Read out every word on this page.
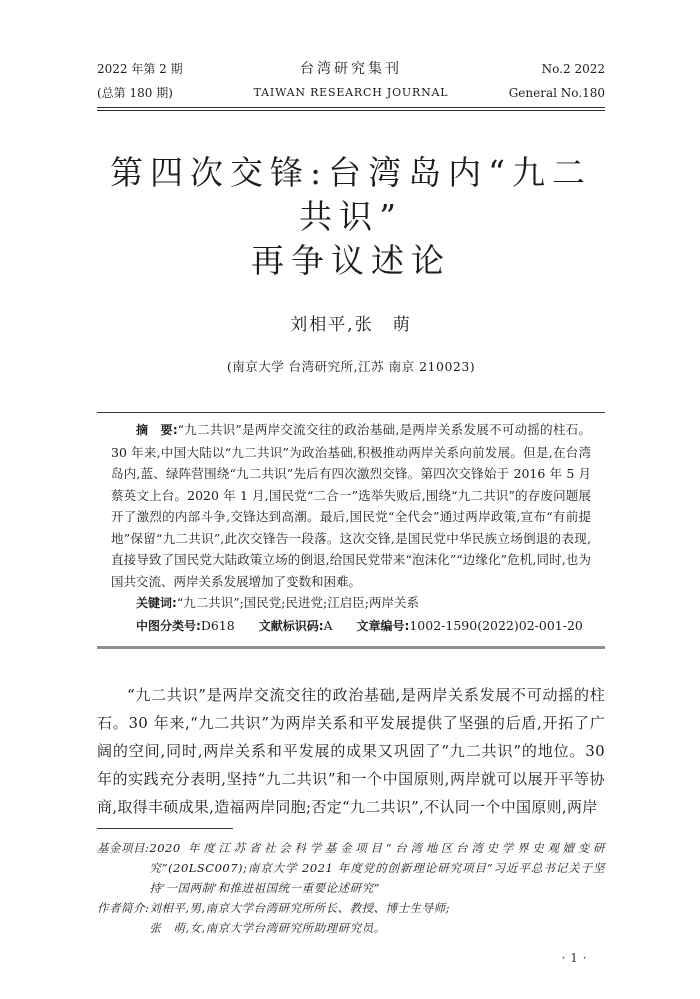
2022 年第 2 期
(总第 180 期)
台湾研究集刊
TAIWAN RESEARCH JOURNAL
No.2 2022
General No.180
第四次交锋:台湾岛内“九二共识”
再争议述论
刘相平,张　萌
(南京大学 台湾研究所,江苏 南京 210023)

摘　要:“九二共识”是两岸交流交往的政治基础,是两岸关系发展不可动摇的柱石。30 年来,中国大陆以“九二共识”为政治基础,积极推动两岸关系向前发展。但是,在台湾岛内,蓝、绿阵营围绕“九二共识”先后有四次激烈交锋。第四次交锋始于 2016 年 5 月蔡英文上台。2020 年 1 月,国民党“二合一”选举失败后,围绕“九二共识”的存废问题展开了激烈的内部斗争,交锋达到高潮。最后,国民党“全代会”通过两岸政策,宣布“有前提地”保留“九二共识”,此次交锋告一段落。这次交锋,是国民党中华民族立场倒退的表现,直接导致了国民党大陆政策立场的倒退,给国民党带来“泡沫化”“边缘化”危机,同时,也为国共交流、两岸关系发展增加了变数和困难。

关键词:“九二共识”;国民党;民进党;江启臣;两岸关系

中图分类号:D618 文献标识码:A 文章编号:1002-1590(2022)02-001-20

“九二共识”是两岸交流交往的政治基础,是两岸关系发展不可动摇的柱石。30 年来,“九二共识”为两岸关系和平发展提供了坚强的后盾,开拓了广阔的空间,同时,两岸关系和平发展的成果又巩固了“九二共识”的地位。30 年的实践充分表明,坚持“九二共识”和一个中国原则,两岸就可以展开平等协商,取得丰硕成果,造福两岸同胞;否定“九二共识”,不认同一个中国原则,两岸

基金项目: 2020 年度江苏省社会科学基金项目“台湾地区台湾史学界史观嬗变研究”(20LSC007);南京大学 2021 年度党的创新理论研究项目“习近平总书记关于坚持‘一国两制’和推进祖国统一重要论述研究”
作者简介: 刘相平,男,南京大学台湾研究所所长、教授、博士生导师;
张　萌,女,南京大学台湾研究所助理研究员。
· 1 ·
